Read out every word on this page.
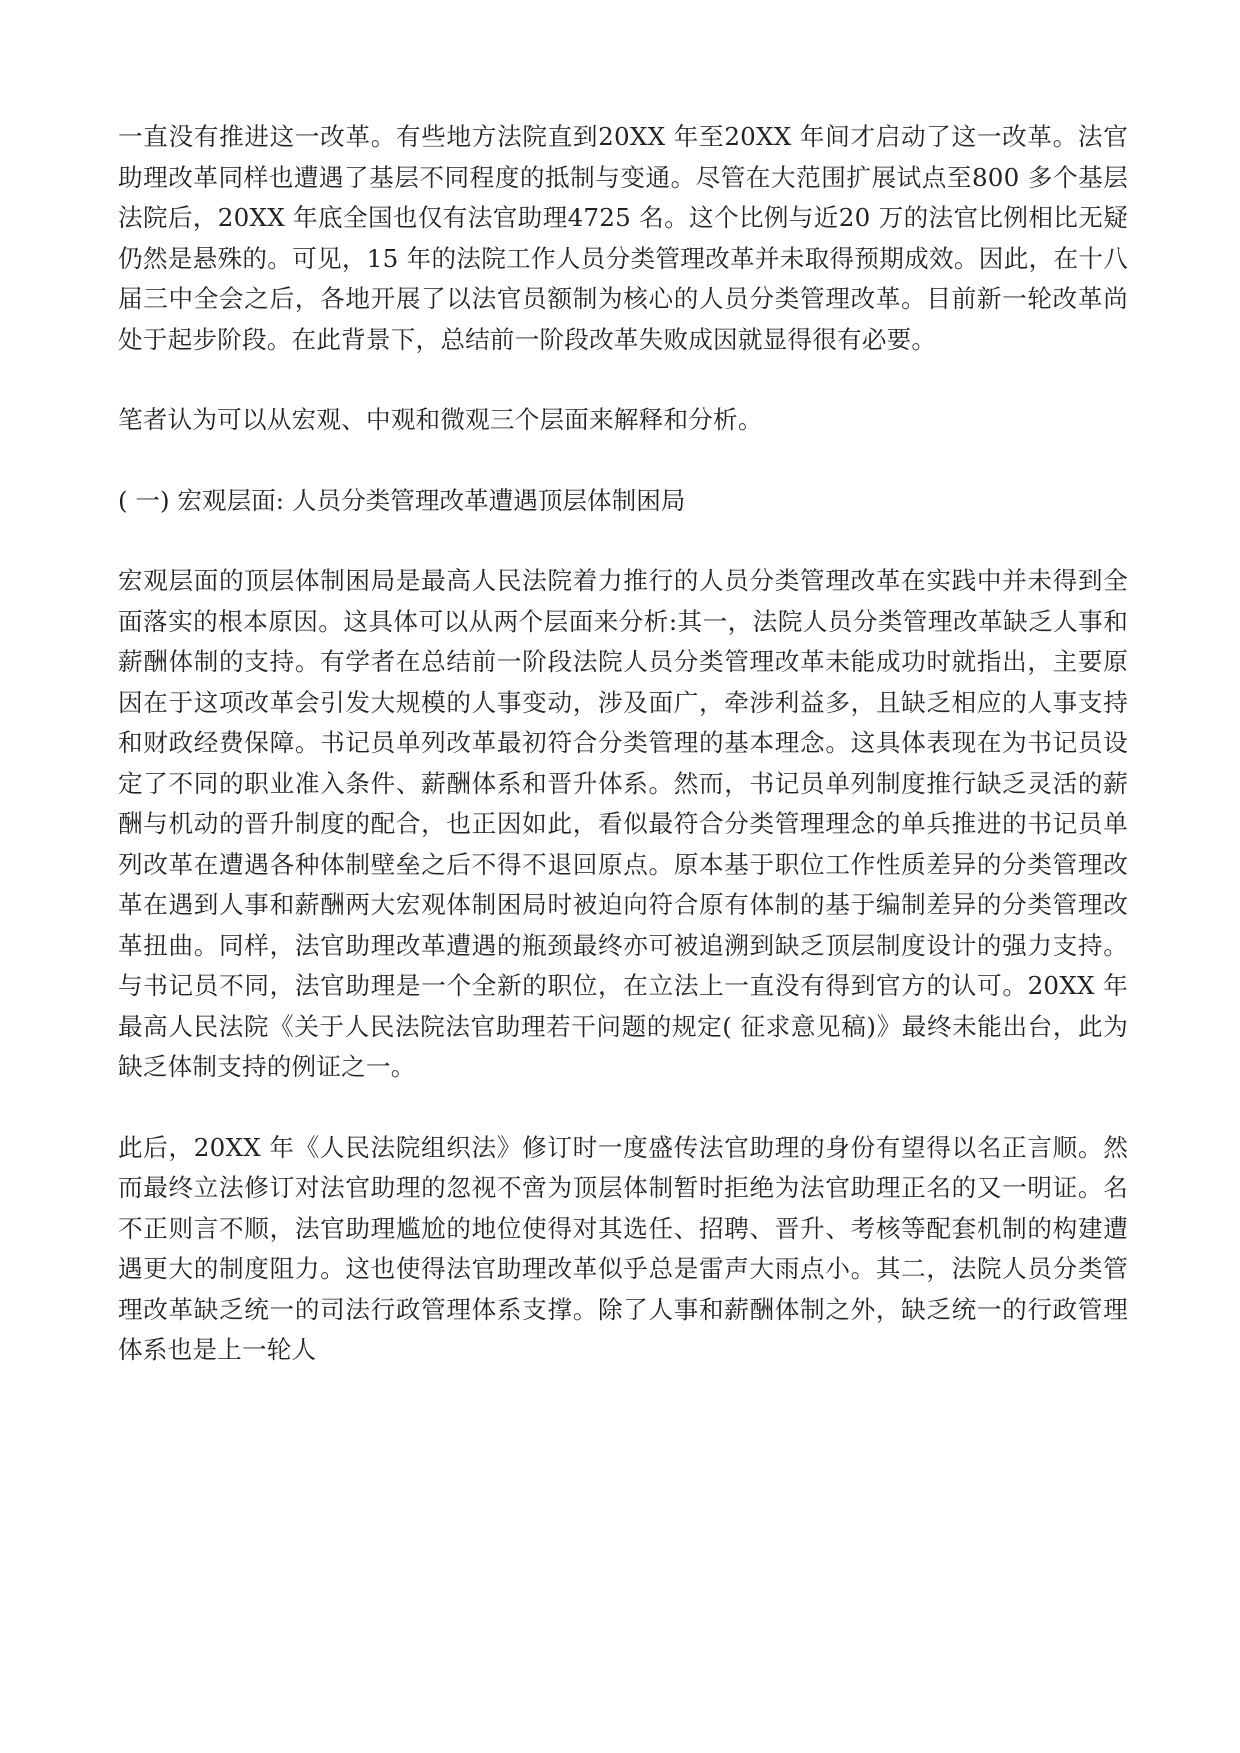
一直没有推进这一改革。有些地方法院直到20XX 年至20XX 年间才启动了这一改革。法官助理改革同样也遭遇了基层不同程度的抵制与变通。尽管在大范围扩展试点至800 多个基层法院后，20XX 年底全国也仅有法官助理4725 名。这个比例与近20 万的法官比例相比无疑仍然是悬殊的。可见，15 年的法院工作人员分类管理改革并未取得预期成效。因此，在十八届三中全会之后，各地开展了以法官员额制为核心的人员分类管理改革。目前新一轮改革尚处于起步阶段。在此背景下，总结前一阶段改革失败成因就显得很有必要。

笔者认为可以从宏观、中观和微观三个层面来解释和分析。

( 一) 宏观层面: 人员分类管理改革遭遇顶层体制困局

宏观层面的顶层体制困局是最高人民法院着力推行的人员分类管理改革在实践中并未得到全面落实的根本原因。这具体可以从两个层面来分析:其一，法院人员分类管理改革缺乏人事和薪酬体制的支持。有学者在总结前一阶段法院人员分类管理改革未能成功时就指出，主要原因在于这项改革会引发大规模的人事变动，涉及面广，牵涉利益多，且缺乏相应的人事支持和财政经费保障。书记员单列改革最初符合分类管理的基本理念。这具体表现在为书记员设定了不同的职业准入条件、薪酬体系和晋升体系。然而，书记员单列制度推行缺乏灵活的薪酬与机动的晋升制度的配合，也正因如此，看似最符合分类管理理念的单兵推进的书记员单列改革在遭遇各种体制壁垒之后不得不退回原点。原本基于职位工作性质差异的分类管理改革在遇到人事和薪酬两大宏观体制困局时被迫向符合原有体制的基于编制差异的分类管理改革扭曲。同样，法官助理改革遭遇的瓶颈最终亦可被追溯到缺乏顶层制度设计的强力支持。与书记员不同，法官助理是一个全新的职位，在立法上一直没有得到官方的认可。20XX 年最高人民法院《关于人民法院法官助理若干问题的规定( 征求意见稿)》最终未能出台，此为缺乏体制支持的例证之一。

此后，20XX 年《人民法院组织法》修订时一度盛传法官助理的身份有望得以名正言顺。然而最终立法修订对法官助理的忽视不啻为顶层体制暂时拒绝为法官助理正名的又一明证。名不正则言不顺，法官助理尴尬的地位使得对其选任、招聘、晋升、考核等配套机制的构建遭遇更大的制度阻力。这也使得法官助理改革似乎总是雷声大雨点小。其二，法院人员分类管理改革缺乏统一的司法行政管理体系支撑。除了人事和薪酬体制之外，缺乏统一的行政管理体系也是上一轮人
